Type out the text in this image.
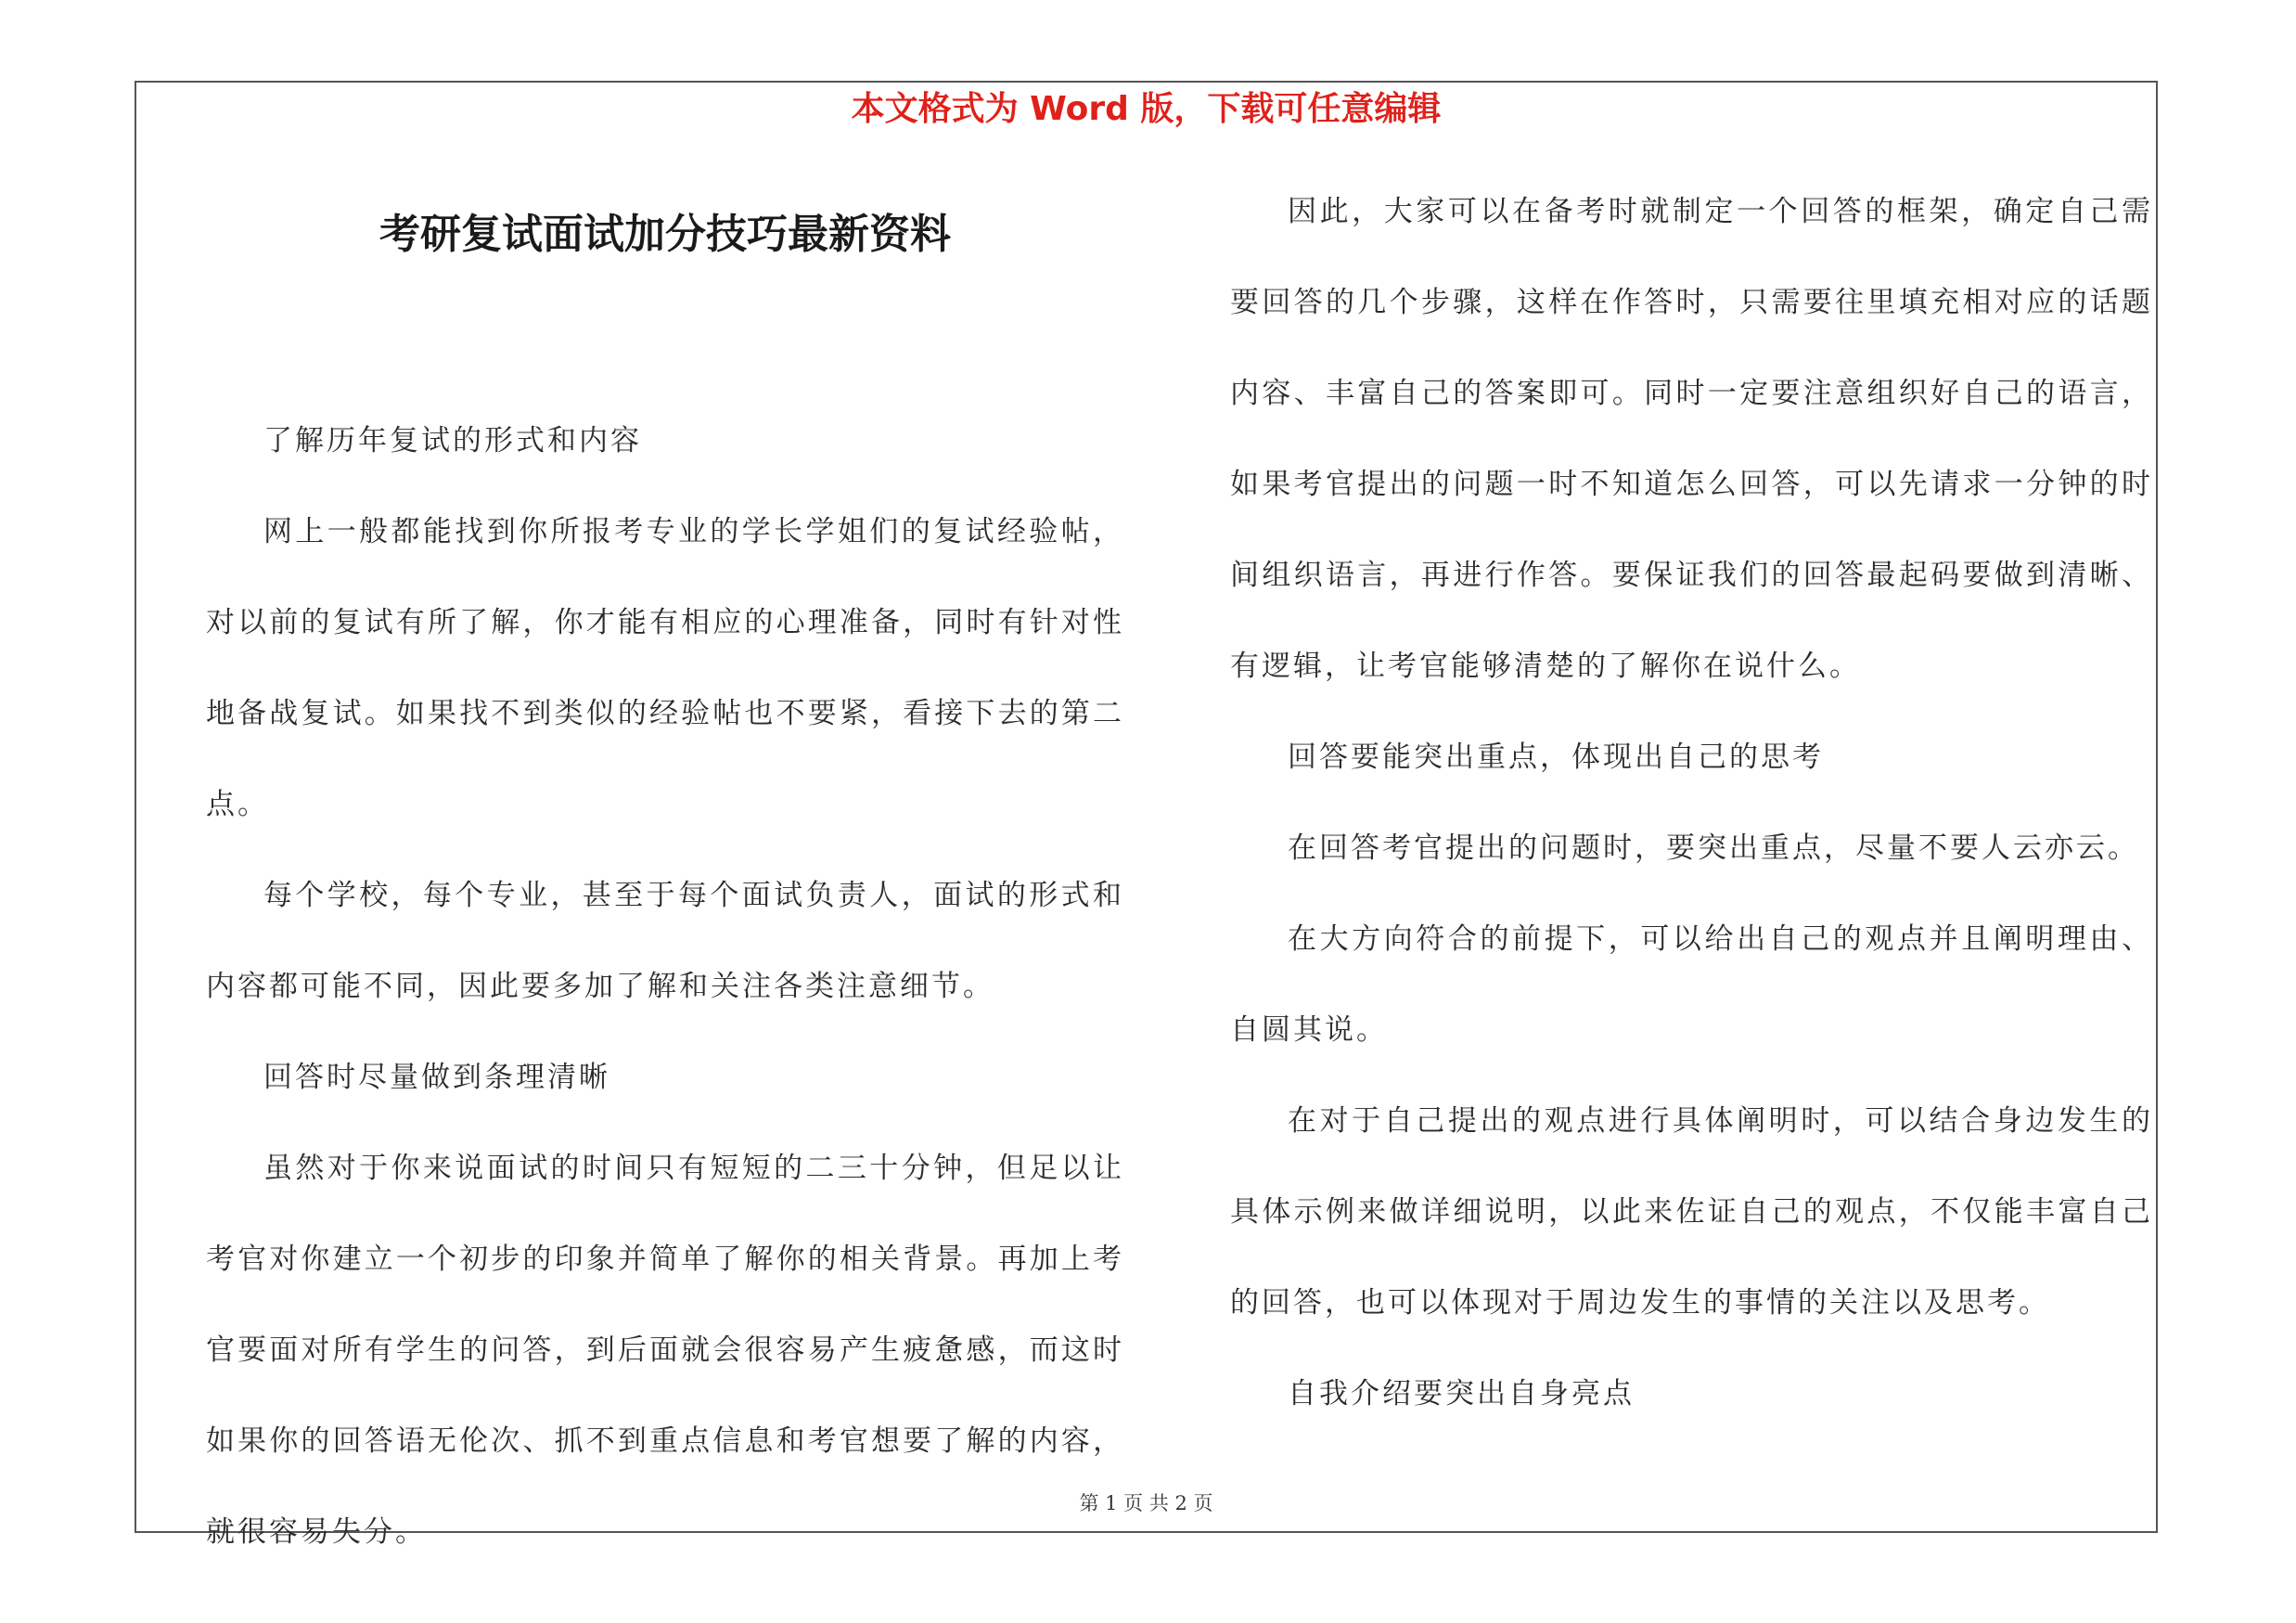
本文格式为 Word 版，下载可任意编辑
考研复试面试加分技巧最新资料

了解历年复试的形式和内容

网上一般都能找到你所报考专业的学长学姐们的复试经验帖，对以前的复试有所了解，你才能有相应的心理准备，同时有针对性地备战复试。如果找不到类似的经验帖也不要紧，看接下去的第二点。

每个学校，每个专业，甚至于每个面试负责人，面试的形式和内容都可能不同，因此要多加了解和关注各类注意细节。

回答时尽量做到条理清晰

虽然对于你来说面试的时间只有短短的二三十分钟，但足以让考官对你建立一个初步的印象并简单了解你的相关背景。再加上考官要面对所有学生的问答，到后面就会很容易产生疲惫感，而这时如果你的回答语无伦次、抓不到重点信息和考官想要了解的内容，就很容易失分。

因此，大家可以在备考时就制定一个回答的框架，确定自己需要回答的几个步骤，这样在作答时，只需要往里填充相对应的话题内容、丰富自己的答案即可。同时一定要注意组织好自己的语言，如果考官提出的问题一时不知道怎么回答，可以先请求一分钟的时间组织语言，再进行作答。要保证我们的回答最起码要做到清晰、有逻辑，让考官能够清楚的了解你在说什么。

回答要能突出重点，体现出自己的思考

在回答考官提出的问题时，要突出重点，尽量不要人云亦云。

在大方向符合的前提下，可以给出自己的观点并且阐明理由、自圆其说。

在对于自己提出的观点进行具体阐明时，可以结合身边发生的具体示例来做详细说明，以此来佐证自己的观点，不仅能丰富自己的回答，也可以体现对于周边发生的事情的关注以及思考。

自我介绍要突出自身亮点

第 1 页 共 2 页
